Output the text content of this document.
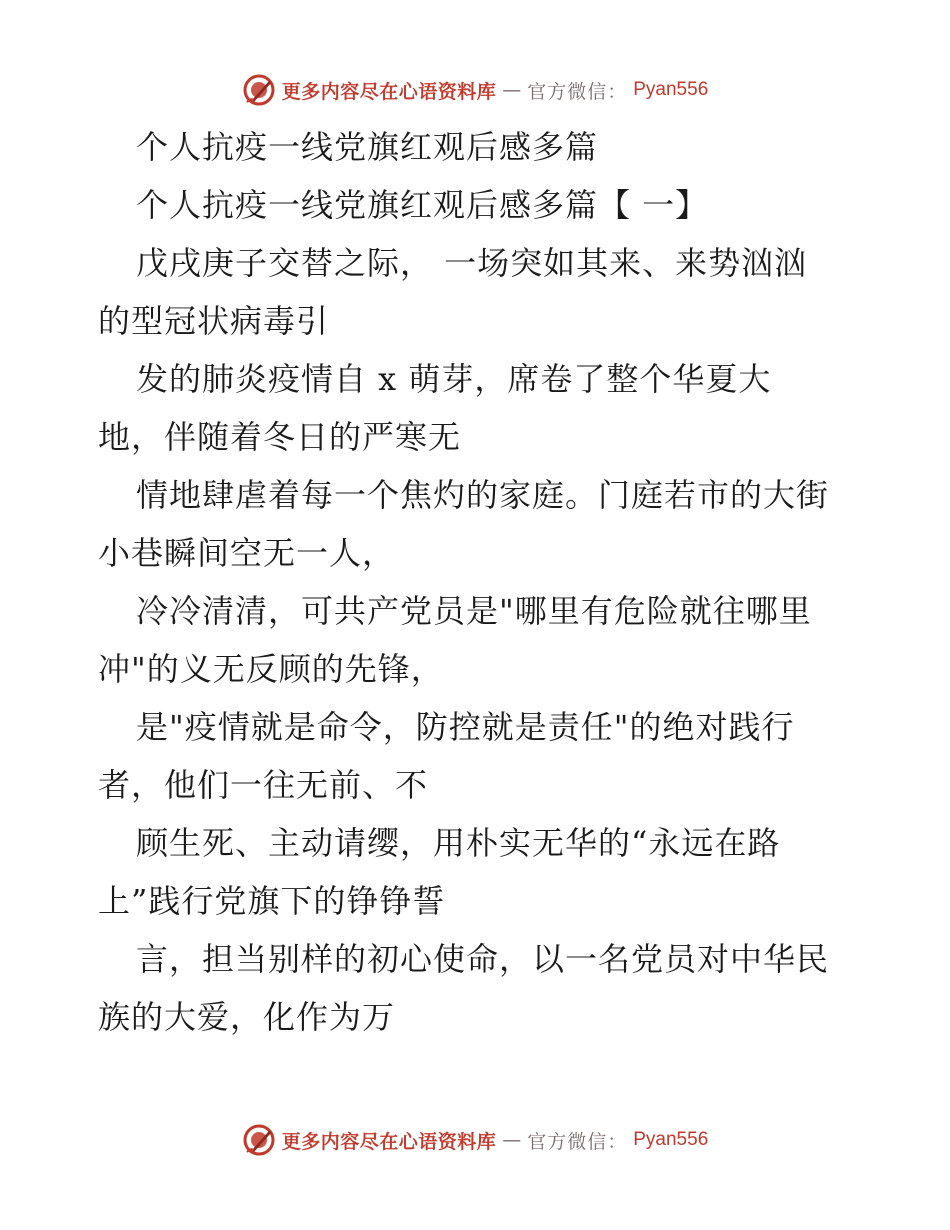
更多内容尽在心语资料库 — 官方微信： Pyan556
个人抗疫一线党旗红观后感多篇
个人抗疫一线党旗红观后感多篇【 一】
戊戌庚子交替之际， 一场突如其来、来势汹汹
的型冠状病毒引
发的肺炎疫情自 x 萌芽，席卷了整个华夏大
地，伴随着冬日的严寒无
情地肆虐着每一个焦灼的家庭。门庭若市的大街
小巷瞬间空无一人，
冷冷清清，可共产党员是"哪里有危险就往哪里
冲"的义无反顾的先锋，
是"疫情就是命令，防控就是责任"的绝对践行
者，他们一往无前、不
顾生死、主动请缨，用朴实无华的“永远在路
上”践行党旗下的铮铮誓
言，担当别样的初心使命，以一名党员对中华民
族的大爱，化作为万
更多内容尽在心语资料库 — 官方微信： Pyan556
